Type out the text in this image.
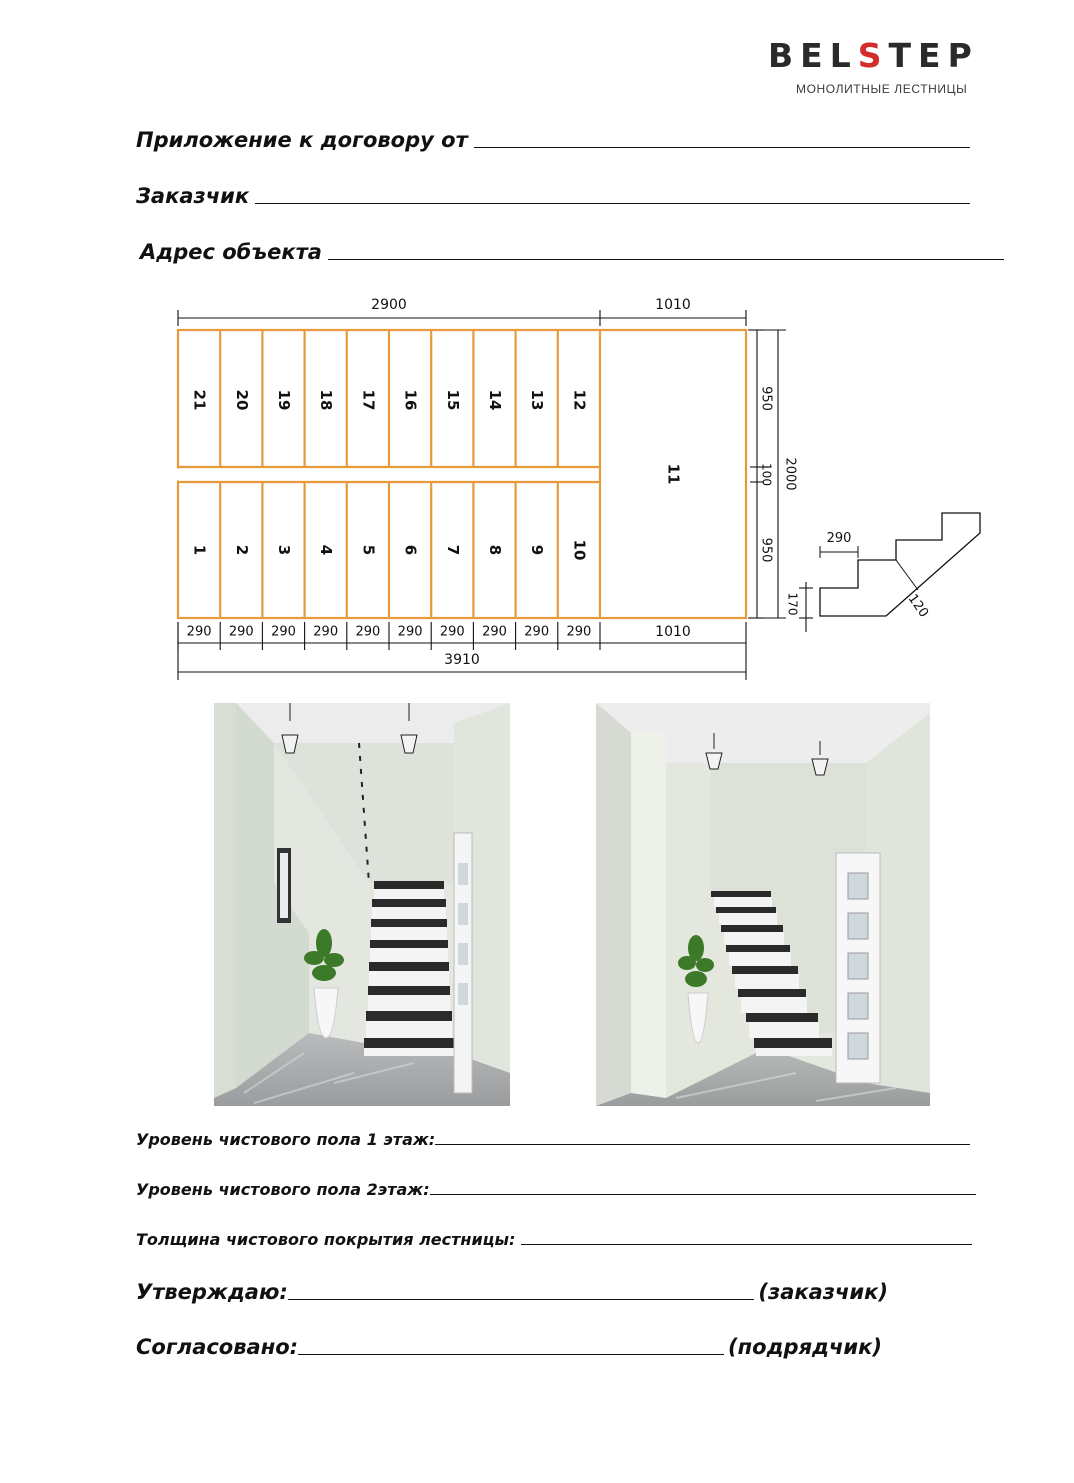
BELSTEP
МОНОЛИТНЫЕ ЛЕСТНИЦЫ
Приложение к договору от
Заказчик
Адрес объекта
21 20 19 18 17 16 15 14 13 12
1 2 3 4 5 6 7 8 9 10
11
2900	1010
290 290 290 290 290 290 290 290 290 290	1010
3910
950
100
950
2000
170
290
120
Уровень чистового пола 1 этаж:
Уровень чистового пола 2этаж:
Толщина чистового покрытия лестницы:
Утверждаю:	(заказчик)
Согласовано:	(подрядчик)
